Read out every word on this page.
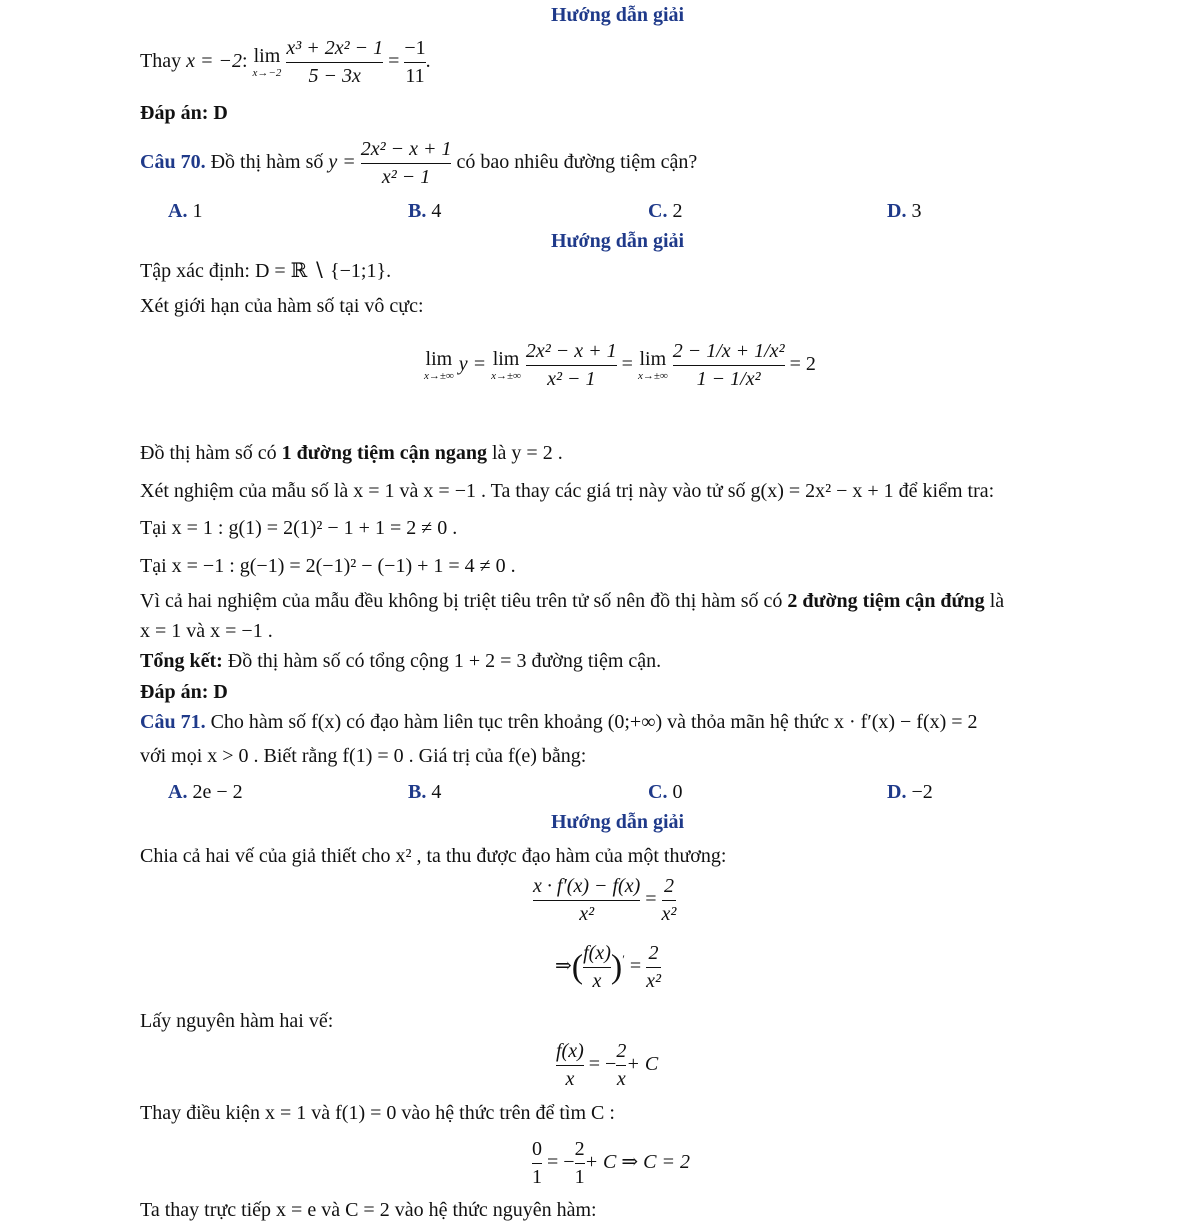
Hướng dẫn giải
Thay x = −2: lim
x→−2
$\frac{\text{x³ + 2x² − 1}}{5 - 3x} = \frac{-1}{11}$ .
Đáp án: D
Câu 70. Đồ thị hàm số $y = \frac{\text{2x² − x + 1}}{\text{x² − 1}}$ có bao nhiêu đường tiệm cận?
A. 1	B. 4	C. 2	D. 3
Hướng dẫn giải
Tập xác định: D = ℝ ∖ {−1;1}.
Xét giới hạn của hàm số tại vô cực:
lim
x→±∞
y = lim
x→±∞
$\frac{\text{2x² − x + 1}}{\text{x² − 1}} = \lim$
x→±∞
$\frac{\text{2 − 1/x + 1/x²}}{\text{1 − 1/x²}} = 2$
Đồ thị hàm số có 1 đường tiệm cận ngang là y = 2 .
Xét nghiệm của mẫu số là x = 1 và x = −1 . Ta thay các giá trị này vào tử số g(x) = 2x² − x + 1 để kiểm tra:
Tại x = 1 : g(1) = 2(1)² − 1 + 1 = 2 ≠ 0 .
Tại x = −1 : g(−1) = 2(−1)² − (−1) + 1 = 4 ≠ 0 .
Vì cả hai nghiệm của mẫu đều không bị triệt tiêu trên tử số nên đồ thị hàm số có 2 đường tiệm cận đứng là
x = 1 và x = −1 .
Tổng kết: Đồ thị hàm số có tổng cộng 1 + 2 = 3 đường tiệm cận.
Đáp án: D
Câu 71. Cho hàm số f(x) có đạo hàm liên tục trên khoảng (0;+∞) và thỏa mãn hệ thức x · f′(x) − f(x) = 2
với mọi x > 0 . Biết rằng f(1) = 0 . Giá trị của f(e) bằng:
A. 2e − 2	B. 4	C. 0	D. −2
Hướng dẫn giải
Chia cả hai vế của giả thiết cho x² , ta thu được đạo hàm của một thương:
$\frac{x \cdot f'(x) - f(x)}{\text{x²}} = \frac{2}{\text{x²}}$
⇒( $\frac{f(x)}{x} )' = \frac{2}{\text{x²}}$
Lấy nguyên hàm hai vế:
$\frac{f(x)}{x}$ = − $\frac{2}{x} + C$
Thay điều kiện x = 1 và f(1) = 0 vào hệ thức trên để tìm C :
$\frac{0}{1}$ = − $\frac{2}{1} + C$ ⇒ C = 2
Ta thay trực tiếp x = e và C = 2 vào hệ thức nguyên hàm:
